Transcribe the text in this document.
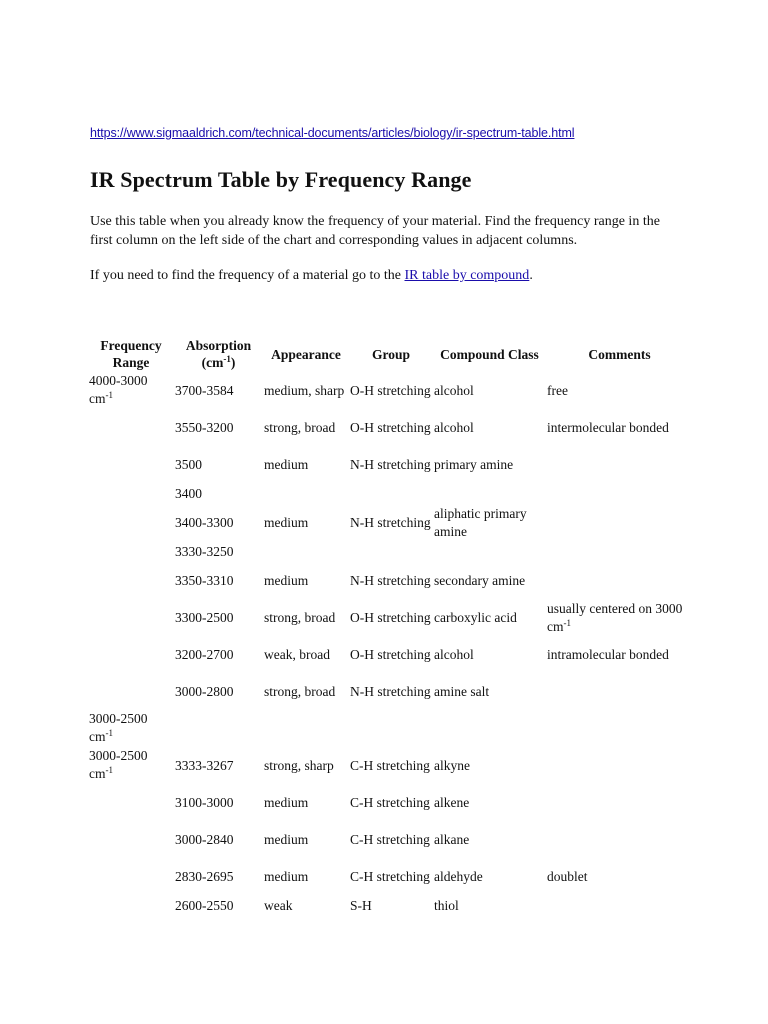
https://www.sigmaaldrich.com/technical-documents/articles/biology/ir-spectrum-table.html
IR Spectrum Table by Frequency Range

Use this table when you already know the frequency of your material. Find the frequency range in the first column on the left side of the chart and corresponding values in adjacent columns.

If you need to find the frequency of a material go to the IR table by compound.

Frequency Range	Absorption $(cm^{-1})$	Appearance	Group	Compound Class	Comments
4000-3000
$cm^{-1}$	3700-3584	medium, sharp	O-H stretching	alcohol	free
	3550-3200	strong, broad	O-H stretching	alcohol	intermolecular bonded
	3500	medium	N-H stretching	primary amine	
	3400				
	3400-3300	medium	N-H stretching	aliphatic primary amine	
	3330-3250				
	3350-3310	medium	N-H stretching	secondary amine	
	3300-2500	strong, broad	O-H stretching	carboxylic acid	usually centered on 3000 $cm^{-1}$
	3200-2700	weak, broad	O-H stretching	alcohol	intramolecular bonded
	3000-2800	strong, broad	N-H stretching	amine salt	
3000-2500
$cm^{-1}$					
3000-2500
$cm^{-1}$	3333-3267	strong, sharp	C-H stretching	alkyne	
	3100-3000	medium	C-H stretching	alkene	
	3000-2840	medium	C-H stretching	alkane	
	2830-2695	medium	C-H stretching	aldehyde	doublet
	2600-2550	weak	S-H	thiol	
